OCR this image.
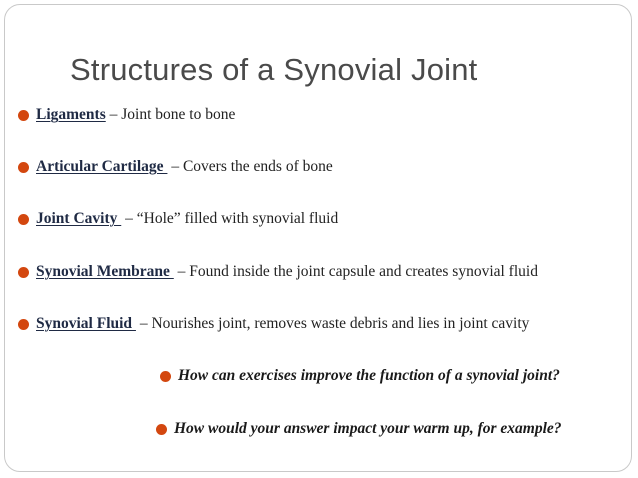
Structures of a Synovial Joint
Ligaments – Joint bone to bone
Articular Cartilage – Covers the ends of bone
Joint Cavity – “Hole” filled with synovial fluid
Synovial Membrane – Found inside the joint capsule and creates synovial fluid
Synovial Fluid – Nourishes joint, removes waste debris and lies in joint cavity
How can exercises improve the function of a synovial joint?
How would your answer impact your warm up, for example?
